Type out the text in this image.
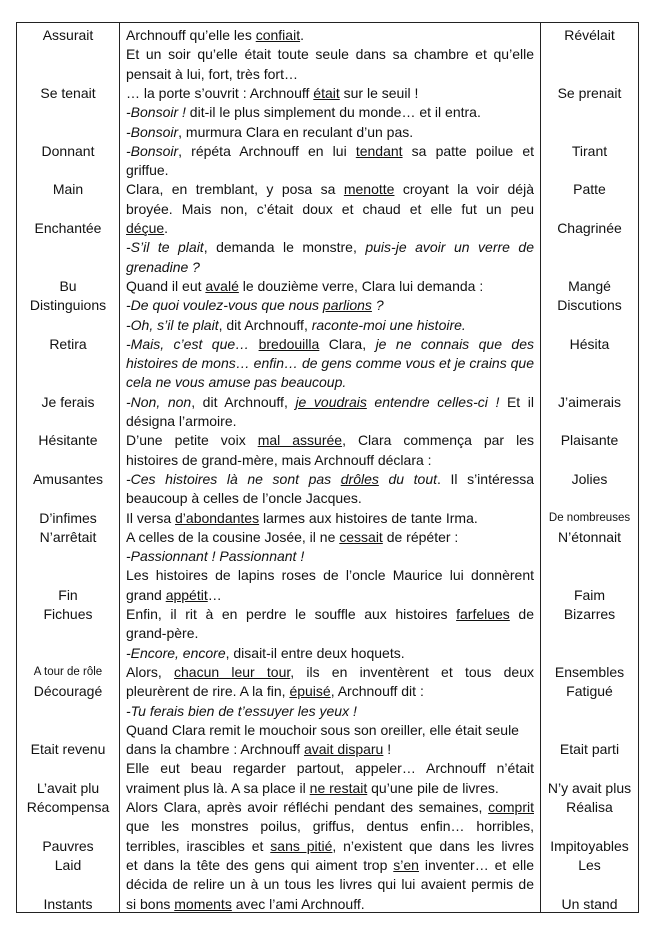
Assurait
Se tenait
Donnant
Main
Enchantée
Bu
Distinguions
Retira
Je ferais
Hésitante
Amusantes
D’infimes
N’arrêtait
Fin
Fichues
A tour de rôle
Découragé
Etait revenu
L’avait plu
Récompensa
Pauvres
Laid
Instants
Archnouff qu’elle les confiait.
Et un soir qu’elle était toute seule dans sa chambre et qu’elle
pensait à lui, fort, très fort…
… la porte s’ouvrit : Archnouff était sur le seuil !
-Bonsoir ! dit-il le plus simplement du monde… et il entra.
-Bonsoir, murmura Clara en reculant d’un pas.
-Bonsoir, répéta Archnouff en lui tendant sa patte poilue et
griffue.
Clara, en tremblant, y posa sa menotte croyant la voir déjà
broyée. Mais non, c’était doux et chaud et elle fut un peu
déçue.
-S’il te plait, demanda le monstre, puis-je avoir un verre de
grenadine ?
Quand il eut avalé le douzième verre, Clara lui demanda :
-De quoi voulez-vous que nous parlions ?
-Oh, s’il te plait, dit Archnouff, raconte-moi une histoire.
-Mais, c’est que… bredouilla Clara, je ne connais que des
histoires de mons… enfin… de gens comme vous et je crains que
cela ne vous amuse pas beaucoup.
-Non, non, dit Archnouff, je voudrais entendre celles-ci ! Et il
désigna l’armoire.
D’une petite voix mal assurée, Clara commença par les
histoires de grand-mère, mais Archnouff déclara :
-Ces histoires là ne sont pas drôles du tout. Il s’intéressa
beaucoup à celles de l’oncle Jacques.
Il versa d’abondantes larmes aux histoires de tante Irma.
A celles de la cousine Josée, il ne cessait de répéter :
-Passionnant ! Passionnant !
Les histoires de lapins roses de l’oncle Maurice lui donnèrent
grand appétit…
Enfin, il rit à en perdre le souffle aux histoires farfelues de
grand-père.
-Encore, encore, disait-il entre deux hoquets.
Alors, chacun leur tour, ils en inventèrent et tous deux
pleurèrent de rire. A la fin, épuisé, Archnouff dit :
-Tu ferais bien de t’essuyer les yeux !
Quand Clara remit le mouchoir sous son oreiller, elle était seule
dans la chambre : Archnouff avait disparu !
Elle eut beau regarder partout, appeler… Archnouff n’était
vraiment plus là. A sa place il ne restait qu’une pile de livres.
Alors Clara, après avoir réfléchi pendant des semaines, comprit
que les monstres poilus, griffus, dentus enfin… horribles,
terribles, irascibles et sans pitié, n’existent que dans les livres
et dans la tête des gens qui aiment trop s’en inventer… et elle
décida de relire un à un tous les livres qui lui avaient permis de
si bons moments avec l’ami Archnouff.
Révélait
Se prenait
Tirant
Patte
Chagrinée
Mangé
Discutions
Hésita
J’aimerais
Plaisante
Jolies
De nombreuses
N’étonnait
Faim
Bizarres
Ensembles
Fatigué
Etait parti
N’y avait plus
Réalisa
Impitoyables
Les
Un stand
